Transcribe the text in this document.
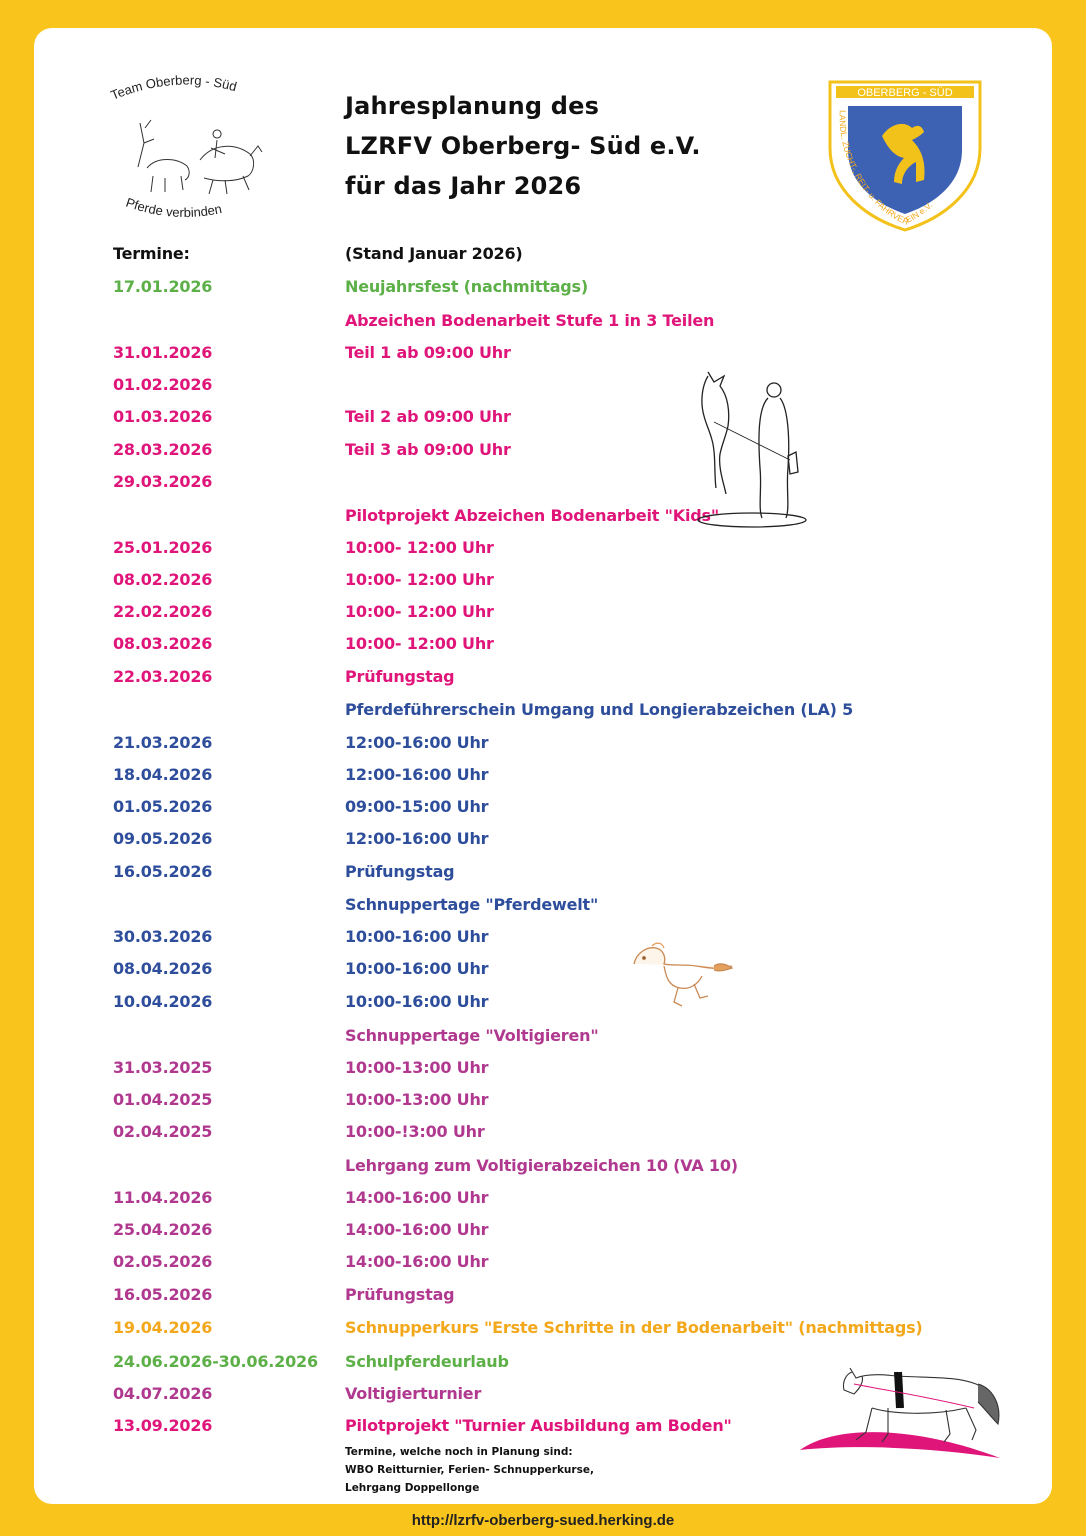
Team Oberberg - Süd
Pferde verbinden
Jahresplanung des
LZRFV Oberberg- Süd e.V.
für das Jahr 2026
OBERBERG - SÜD
LANDL. ZUCHT-, REIT- u. FAHRVEREIN e.V.
Termine:	(Stand Januar 2026)
17.01.2026	Neujahrsfest (nachmittags)
Abzeichen Bodenarbeit Stufe 1 in 3 Teilen
31.01.2026	Teil 1 ab 09:00 Uhr
01.02.2026
01.03.2026	Teil 2 ab 09:00 Uhr
28.03.2026	Teil 3 ab 09:00 Uhr
29.03.2026
Pilotprojekt Abzeichen Bodenarbeit "Kids"
25.01.2026	10:00- 12:00 Uhr
08.02.2026	10:00- 12:00 Uhr
22.02.2026	10:00- 12:00 Uhr
08.03.2026	10:00- 12:00 Uhr
22.03.2026	Prüfungstag
Pferdeführerschein Umgang und Longierabzeichen (LA) 5
21.03.2026	12:00-16:00 Uhr
18.04.2026	12:00-16:00 Uhr
01.05.2026	09:00-15:00 Uhr
09.05.2026	12:00-16:00 Uhr
16.05.2026	Prüfungstag
Schnuppertage "Pferdewelt"
30.03.2026	10:00-16:00 Uhr
08.04.2026	10:00-16:00 Uhr
10.04.2026	10:00-16:00 Uhr
Schnuppertage "Voltigieren"
31.03.2025	10:00-13:00 Uhr
01.04.2025	10:00-13:00 Uhr
02.04.2025	10:00-!3:00 Uhr
Lehrgang zum Voltigierabzeichen 10 (VA 10)
11.04.2026	14:00-16:00 Uhr
25.04.2026	14:00-16:00 Uhr
02.05.2026	14:00-16:00 Uhr
16.05.2026	Prüfungstag
19.04.2026	Schnupperkurs "Erste Schritte in der Bodenarbeit" (nachmittags)
24.06.2026-30.06.2026 Schulpferdeurlaub
04.07.2026	Voltigierturnier
13.09.2026	Pilotprojekt "Turnier Ausbildung am Boden"
Termine, welche noch in Planung sind:
WBO Reitturnier, Ferien- Schnupperkurse,
Lehrgang Doppellonge
http://lzrfv-oberberg-sued.herking.de
